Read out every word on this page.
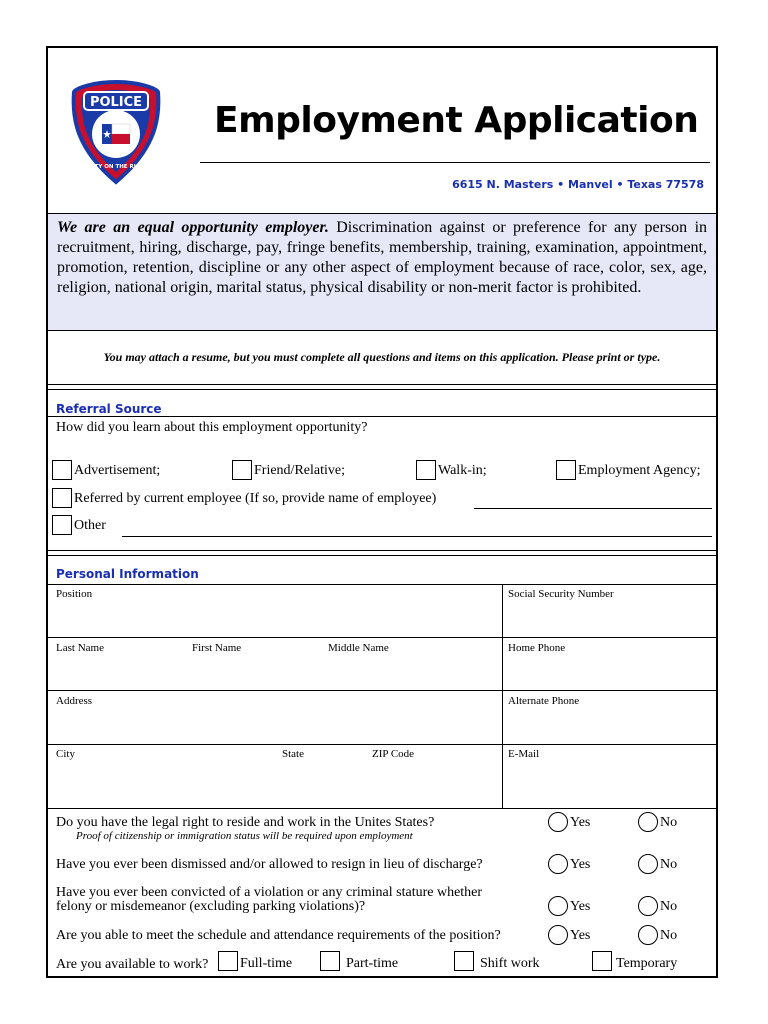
POLICE
MANVEL
CITY ON THE RISE
Employment Application
6615 N. Masters • Manvel • Texas 77578
We are an equal opportunity employer. Discrimination against or preference for any person in recruitment, hiring, discharge, pay, fringe benefits, membership, training, examination, appointment, promotion, retention, discipline or any other aspect of employment because of race, color, sex, age, religion, national origin, marital status, physical disability or non-merit factor is prohibited.
You may attach a resume, but you must complete all questions and items on this application. Please print or type.
Referral Source
How did you learn about this employment opportunity?
Advertisement;	Friend/Relative;	Walk-in;	Employment Agency;
Referred by current employee (If so, provide name of employee)
Other
Personal Information
Position	Social Security Number
Last Name	First Name	Middle Name	Home Phone
Address	Alternate Phone
City	State	ZIP Code	E-Mail
Do you have the legal right to reside and work in the Unites States?
Proof of citizenship or immigration status will be required upon employment
Yes	No
Have you ever been dismissed and/or allowed to resign in lieu of discharge?	Yes	No
Have you ever been convicted of a violation or any criminal stature whether
felony or misdemeanor (excluding parking violations)?	Yes	No
Are you able to meet the schedule and attendance requirements of the position?	Yes	No
Are you available to work? Full-time	Part-time	Shift work	Temporary
